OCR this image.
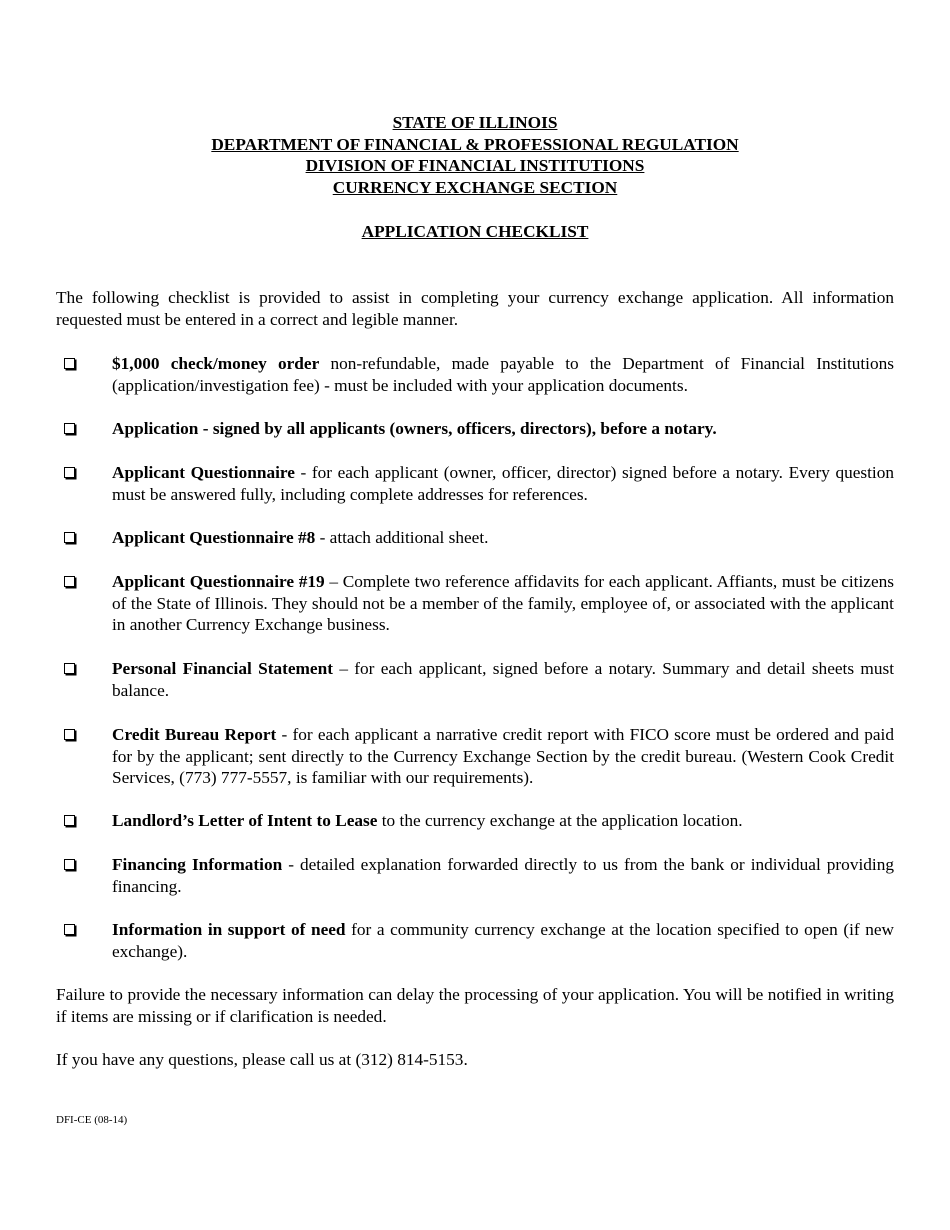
STATE OF ILLINOIS
DEPARTMENT OF FINANCIAL & PROFESSIONAL REGULATION
DIVISION OF FINANCIAL INSTITUTIONS
CURRENCY EXCHANGE SECTION
APPLICATION CHECKLIST
The following checklist is provided to assist in completing your currency exchange application. All information requested must be entered in a correct and legible manner.
$1,000 check/money order non-refundable, made payable to the Department of Financial Institutions (application/investigation fee) - must be included with your application documents.
Application - signed by all applicants (owners, officers, directors), before a notary.
Applicant Questionnaire - for each applicant (owner, officer, director) signed before a notary. Every question must be answered fully, including complete addresses for references.
Applicant Questionnaire #8 - attach additional sheet.
Applicant Questionnaire #19 – Complete two reference affidavits for each applicant. Affiants, must be citizens of the State of Illinois. They should not be a member of the family, employee of, or associated with the applicant in another Currency Exchange business.
Personal Financial Statement – for each applicant, signed before a notary. Summary and detail sheets must balance.
Credit Bureau Report - for each applicant a narrative credit report with FICO score must be ordered and paid for by the applicant; sent directly to the Currency Exchange Section by the credit bureau. (Western Cook Credit Services, (773) 777-5557, is familiar with our requirements).
Landlord’s Letter of Intent to Lease to the currency exchange at the application location.
Financing Information - detailed explanation forwarded directly to us from the bank or individual providing financing.
Information in support of need for a community currency exchange at the location specified to open (if new exchange).
Failure to provide the necessary information can delay the processing of your application. You will be notified in writing if items are missing or if clarification is needed.
If you have any questions, please call us at (312) 814-5153.
DFI-CE (08-14)
